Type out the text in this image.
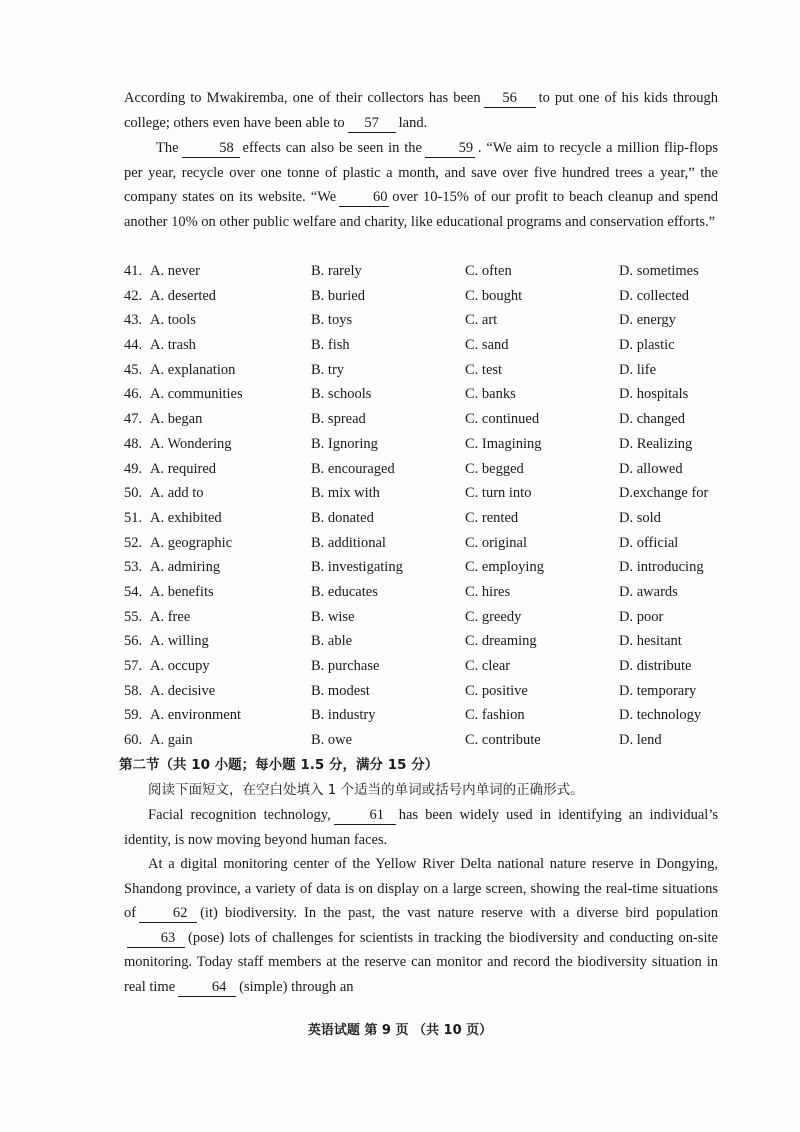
According to Mwakiremba, one of their collectors has been 56 to put one of his kids through college; others even have been able to 57 land.

The	58 effects can also be seen in the	59 . “We aim to recycle a million flip-flops per year, recycle over one tonne of plastic a month, and save over five hundred trees a year,” the company states on its website. “We	60 over 10-15% of our profit to beach cleanup and spend another 10% on other public welfare and charity, like educational programs and conservation efforts.”

41. A. never	B. rarely	C. often	D. sometimes
42. A. deserted	B. buried	C. bought	D. collected
43. A. tools	B. toys	C. art	D. energy
44. A. trash	B. fish	C. sand	D. plastic
45. A. explanation	B. try	C. test	D. life
46. A. communities	B. schools	C. banks	D. hospitals
47. A. began	B. spread	C. continued	D. changed
48. A. Wondering	B. Ignoring	C. Imagining	D. Realizing
49. A. required	B. encouraged	C. begged	D. allowed
50. A. add to	B. mix with	C. turn into	D.exchange for
51. A. exhibited	B. donated	C. rented	D. sold
52. A. geographic	B. additional	C. original	D. official
53. A. admiring	B. investigating	C. employing	D. introducing
54. A. benefits	B. educates	C. hires	D. awards
55. A. free	B. wise	C. greedy	D. poor
56. A. willing	B. able	C. dreaming	D. hesitant
57. A. occupy	B. purchase	C. clear	D. distribute
58. A. decisive	B. modest	C. positive	D. temporary
59. A. environment	B. industry	C. fashion	D. technology
60. A. gain	B. owe	C. contribute	D. lend

第二节（共 10 小题；每小题 1.5 分，满分 15 分）

阅读下面短文，在空白处填入 1 个适当的单词或括号内单词的正确形式。

Facial recognition technology,	61 has been widely used in identifying an individual’s identity, is now moving beyond human faces.

At a digital monitoring center of the Yellow River Delta national nature reserve in Dongying, Shandong province, a variety of data is on display on a large screen, showing the real-time situations of	62 (it) biodiversity. In the past, the vast nature reserve with a diverse bird population63 (pose) lots of challenges for scientists in tracking the biodiversity and conducting on-site monitoring. Today staff members at the reserve can monitor and record the biodiversity situation in real time	64 (simple) through an

英语试题 第 9 页 （共 10 页）
